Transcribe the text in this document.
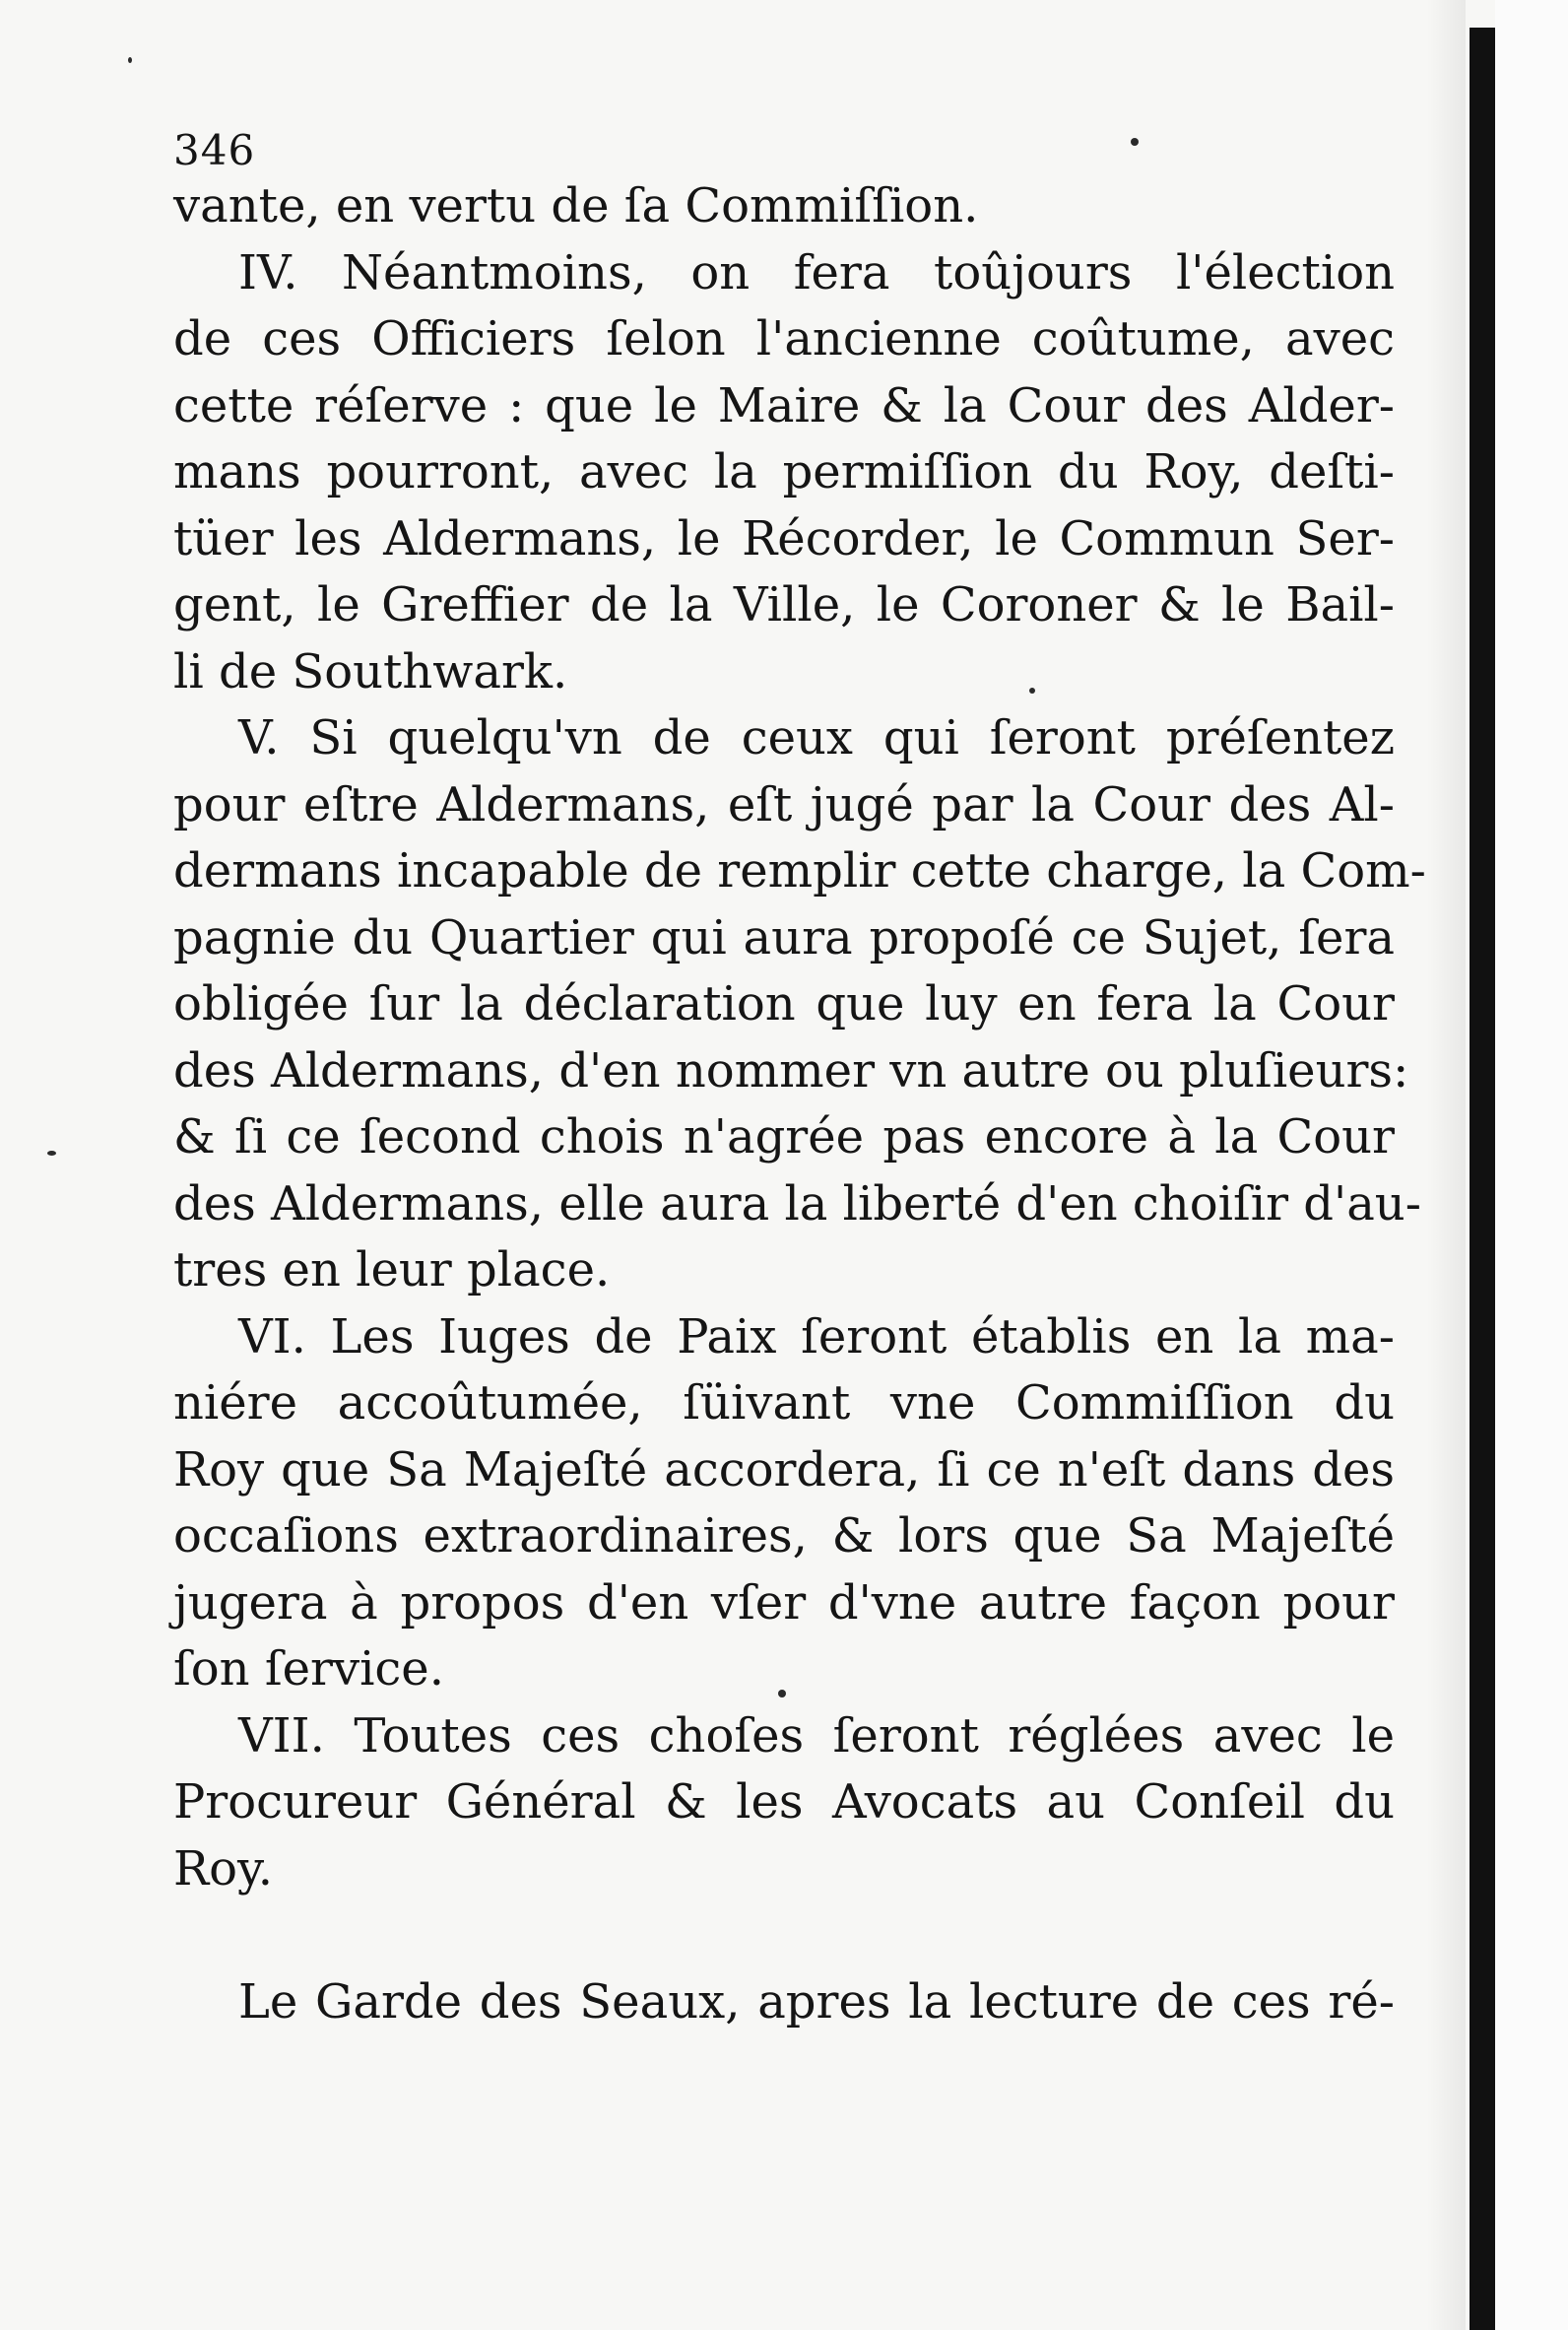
346
vante, en vertu de ſa Commiſſion.
IV. Néantmoins, on fera toûjours l'élection
de ces Officiers ſelon l'ancienne coûtume, avec
cette réſerve : que le Maire & la Cour des Alder-
mans pourront, avec la permiſſion du Roy, deſti-
tüer les Aldermans, le Récorder, le Commun Ser-
gent, le Greffier de la Ville, le Coroner & le Bail-
li de Southwark.
V. Si quelqu'vn de ceux qui ſeront préſentez
pour eſtre Aldermans, eſt jugé par la Cour des Al-
dermans incapable de remplir cette charge, la Com-
pagnie du Quartier qui aura propoſé ce Sujet, ſera
obligée ſur la déclaration que luy en fera la Cour
des Aldermans, d'en nommer vn autre ou pluſieurs:
& ſi ce ſecond chois n'agrée pas encore à la Cour
des Aldermans, elle aura la liberté d'en choiſir d'au-
tres en leur place.
VI. Les Iuges de Paix ſeront établis en la ma-
niére accoûtumée, ſüivant vne Commiſſion du
Roy que Sa Majeſté accordera, ſi ce n'eſt dans des
occaſions extraordinaires, & lors que Sa Majeſté
jugera à propos d'en vſer d'vne autre façon pour
ſon ſervice.
VII. Toutes ces choſes ſeront réglées avec le
Procureur Général & les Avocats au Conſeil du
Roy.
Le Garde des Seaux, apres la lecture de ces ré-
